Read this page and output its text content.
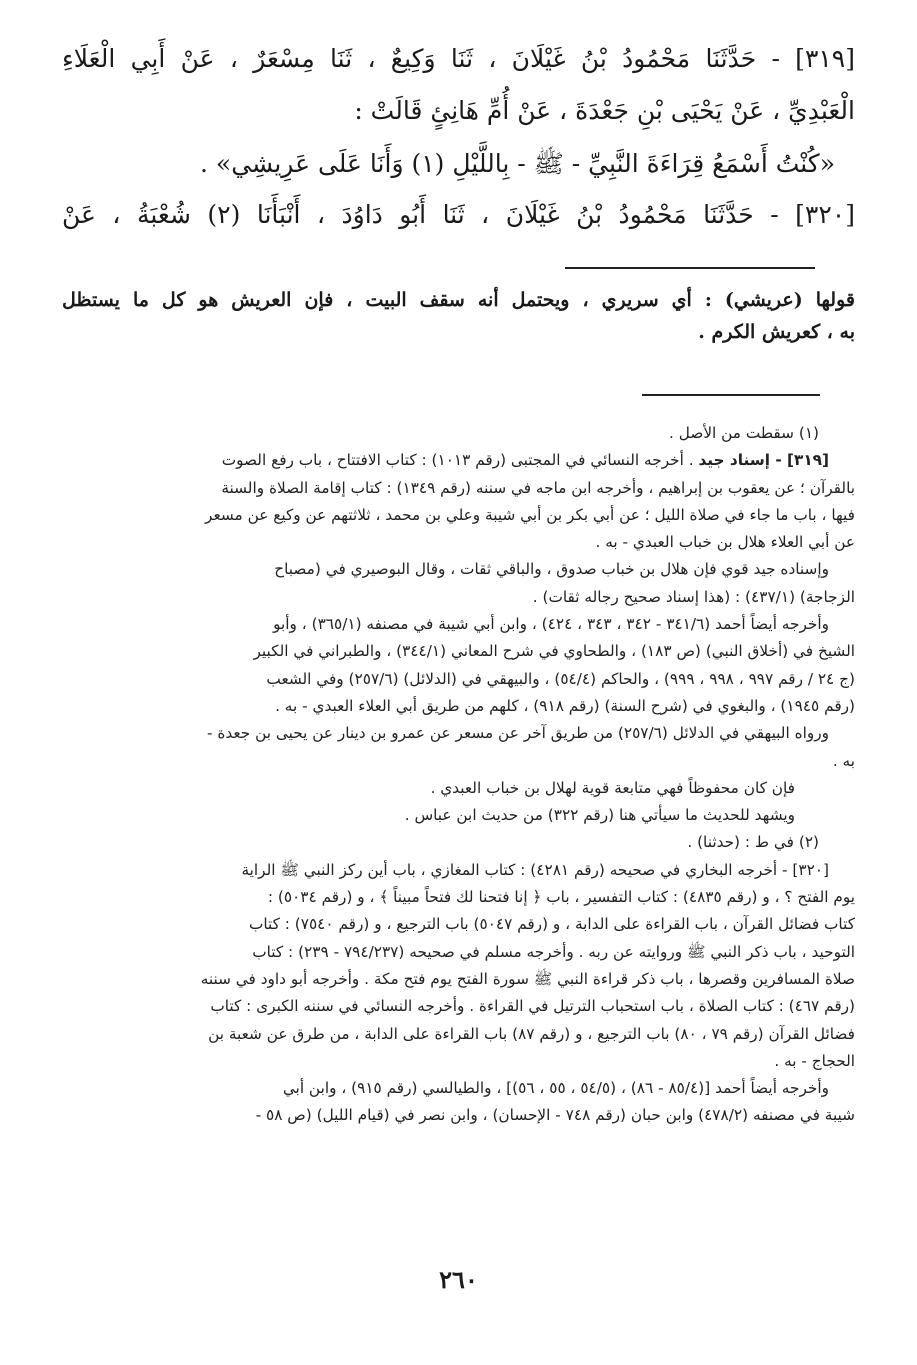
[٣١٩] - حَدَّثَنَا مَحْمُودُ بْنُ غَيْلَانَ ، ثَنَا وَكِيعٌ ، ثَنَا مِسْعَرٌ ، عَنْ أَبِي الْعَلَاءِ

الْعَبْدِيِّ ، عَنْ يَحْيَى بْنِ جَعْدَةَ ، عَنْ أُمِّ هَانِئٍ قَالَتْ :

«كُنْتُ أَسْمَعُ قِرَاءَةَ النَّبِيِّ - ﷺ - بِاللَّيْلِ (١) وَأَنَا عَلَى عَرِيشِي» .

[٣٢٠] - حَدَّثَنَا مَحْمُودُ بْنُ غَيْلَانَ ، ثَنَا أَبُو دَاوُدَ ، أَنْبَأَنَا (٢) شُعْبَةُ ، عَنْ

قولها (عريشي) : أي سريري ، ويحتمل أنه سقف البيت ، فإن العريش هو كل ما يستظل
به ، كعريش الكرم .

(١) سقطت من الأصل .

[٣١٩] - إسناد جيد . أخرجه النسائي في المجتبى (رقم ١٠١٣) : كتاب الافتتاح ، باب رفع الصوت
بالقرآن ؛ عن يعقوب بن إبراهيم ، وأخرجه ابن ماجه في سننه (رقم ١٣٤٩) : كتاب إقامة الصلاة والسنة
فيها ، باب ما جاء في صلاة الليل ؛ عن أبي بكر بن أبي شيبة وعلي بن محمد ، ثلاثتهم عن وكيع عن مسعر
عن أبي العلاء هلال بن خباب العبدي - به .

وإسناده جيد قوي فإن هلال بن خباب صدوق ، والباقي ثقات ، وقال البوصيري في (مصباح
الزجاجة) (٤٣٧/١) : (هذا إسناد صحيح رجاله ثقات) .

وأخرجه أيضاً أحمد (٣٤١/٦ - ٣٤٢ ، ٣٤٣ ، ٤٢٤) ، وابن أبي شيبة في مصنفه (٣٦٥/١) ، وأبو
الشيخ في (أخلاق النبي) (ص ١٨٣) ، والطحاوي في شرح المعاني (٣٤٤/١) ، والطبراني في الكبير
(ج ٢٤ / رقم ٩٩٧ ، ٩٩٨ ، ٩٩٩) ، والحاكم (٥٤/٤) ، والبيهقي في (الدلائل) (٢٥٧/٦) وفي الشعب
(رقم ١٩٤٥) ، والبغوي في (شرح السنة) (رقم ٩١٨) ، كلهم من طريق أبي العلاء العبدي - به .

ورواه البيهقي في الدلائل (٢٥٧/٦) من طريق آخر عن مسعر عن عمرو بن دينار عن يحيى بن جعدة -
به .

فإن كان محفوظاً فهي متابعة قوية لهلال بن خباب العبدي .

ويشهد للحديث ما سيأتي هنا (رقم ٣٢٢) من حديث ابن عباس .

(٢) في ط : (حدثنا) .

[٣٢٠] - أخرجه البخاري في صحيحه (رقم ٤٢٨١) : كتاب المغازي ، باب أين ركز النبي ﷺ الراية
يوم الفتح ؟ ، و (رقم ٤٨٣٥) : كتاب التفسير ، باب ﴿ إنا فتحنا لك فتحاً مبيناً ﴾ ، و (رقم ٥٠٣٤) :
كتاب فضائل القرآن ، باب القراءة على الدابة ، و (رقم ٥٠٤٧) باب الترجيع ، و (رقم ٧٥٤٠) : كتاب
التوحيد ، باب ذكر النبي ﷺ وروايته عن ربه . وأخرجه مسلم في صحيحه (٧٩٤/٢٣٧ - ٢٣٩) : كتاب
صلاة المسافرين وقصرها ، باب ذكر قراءة النبي ﷺ سورة الفتح يوم فتح مكة . وأخرجه أبو داود في سننه
(رقم ٤٦٧) : كتاب الصلاة ، باب استحباب الترتيل في القراءة . وأخرجه النسائي في سننه الكبرى : كتاب
فضائل القرآن (رقم ٧٩ ، ٨٠) باب الترجيع ، و (رقم ٨٧) باب القراءة على الدابة ، من طرق عن شعبة بن
الحجاج - به .

وأخرجه أيضاً أحمد [(٨٥/٤ - ٨٦) ، (٥٤/٥ ، ٥٥ ، ٥٦)] ، والطيالسي (رقم ٩١٥) ، وابن أبي
شيبة في مصنفه (٤٧٨/٢) وابن حبان (رقم ٧٤٨ - الإحسان) ، وابن نصر في (قيام الليل) (ص ٥٨ -

٢٦٠
